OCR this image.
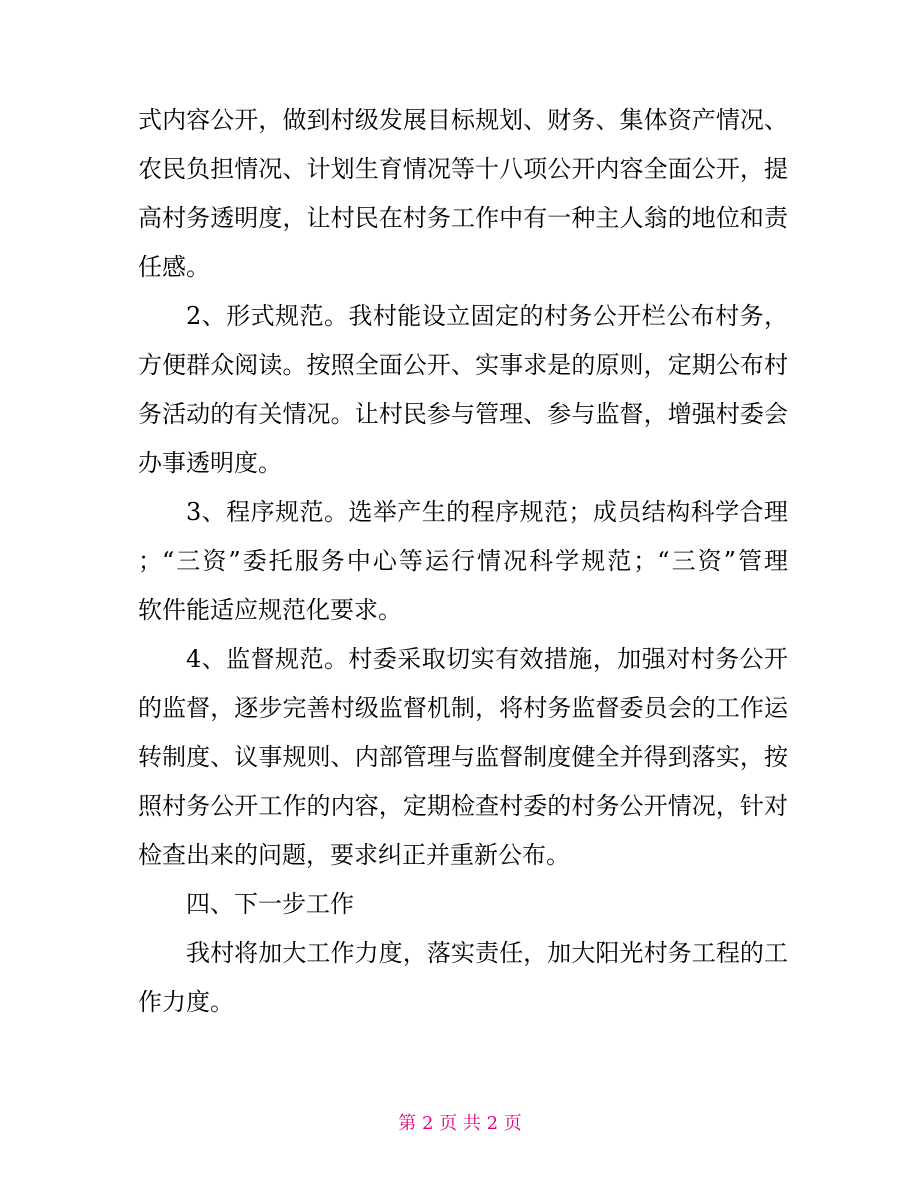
式内容公开，做到村级发展目标规划、财务、集体资产情况、
农民负担情况、计划生育情况等十八项公开内容全面公开，提
高村务透明度，让村民在村务工作中有一种主人翁的地位和责
任感。
2、形式规范。我村能设立固定的村务公开栏公布村务，
方便群众阅读。按照全面公开、实事求是的原则，定期公布村
务活动的有关情况。让村民参与管理、参与监督，增强村委会
办事透明度。
3、程序规范。选举产生的程序规范；成员结构科学合理
；“三资”委托服务中心等运行情况科学规范；“三资”管理
软件能适应规范化要求。
4、监督规范。村委采取切实有效措施，加强对村务公开
的监督，逐步完善村级监督机制，将村务监督委员会的工作运
转制度、议事规则、内部管理与监督制度健全并得到落实，按
照村务公开工作的内容，定期检查村委的村务公开情况，针对
检查出来的问题，要求纠正并重新公布。
四、下一步工作
我村将加大工作力度，落实责任，加大阳光村务工程的工
作力度。
第 2 页 共 2 页
